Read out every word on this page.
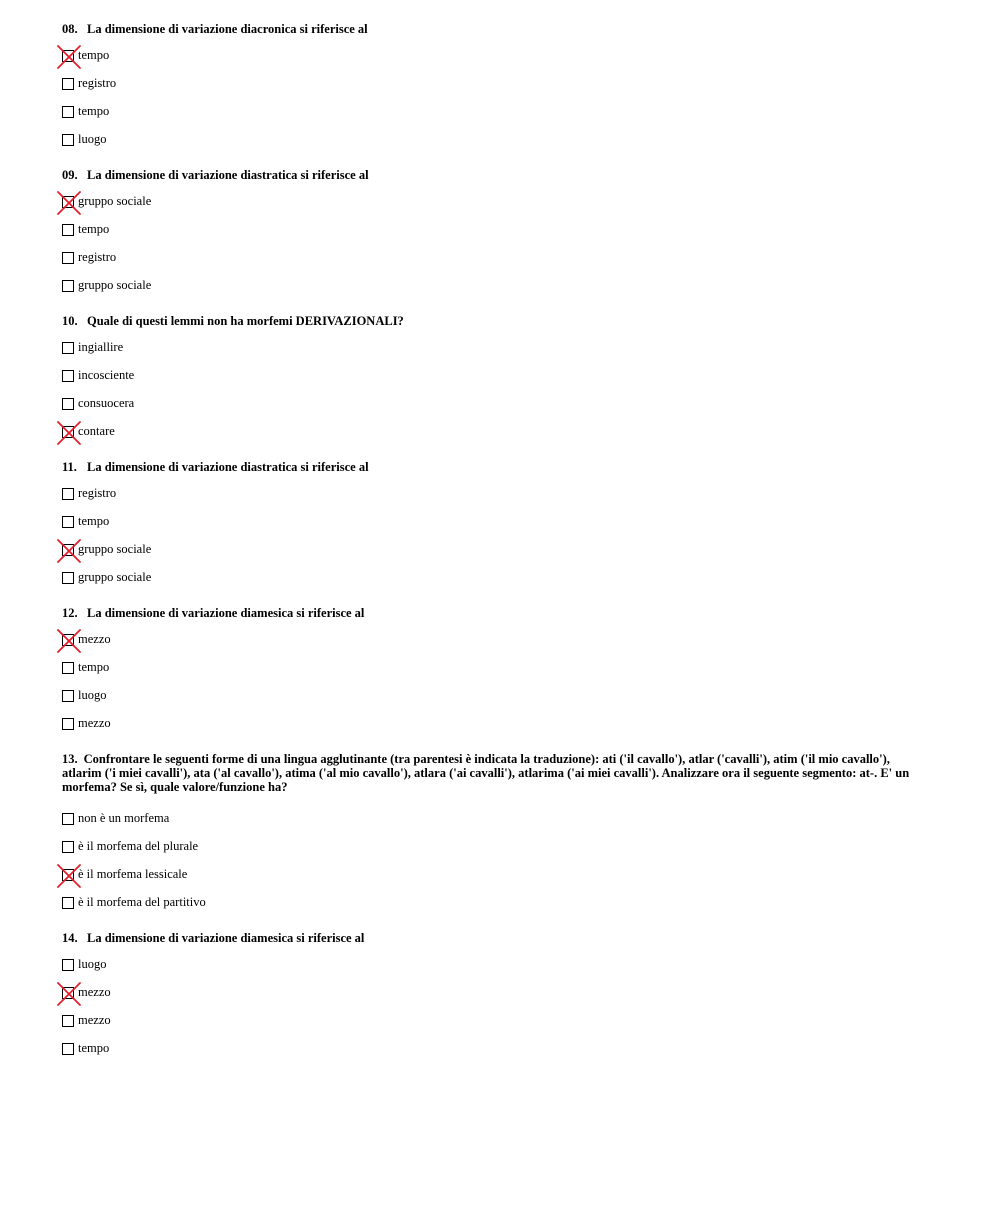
08. La dimensione di variazione diacronica si riferisce al
tempo
registro
tempo
luogo
09. La dimensione di variazione diastratica si riferisce al
gruppo sociale
tempo
registro
gruppo sociale
10. Quale di questi lemmi non ha morfemi DERIVAZIONALI?
ingiallire
incosciente
consuocera
contare
11. La dimensione di variazione diastratica si riferisce al
registro
tempo
gruppo sociale
gruppo sociale
12. La dimensione di variazione diamesica si riferisce al
mezzo
tempo
luogo
mezzo
13. Confrontare le seguenti forme di una lingua agglutinante (tra parentesi è indicata la traduzione): ati ('il cavallo'), atlar ('cavalli'), atim ('il mio cavallo'), atlarim ('i miei cavalli'), ata ('al cavallo'), atima ('al mio cavallo'), atlara ('ai cavalli'), atlarima ('ai miei cavalli'). Analizzare ora il seguente segmento: at-. E' un morfema? Se sì, quale valore/funzione ha?
non è un morfema
è il morfema del plurale
è il morfema lessicale
è il morfema del partitivo
14. La dimensione di variazione diamesica si riferisce al
luogo
mezzo
mezzo
tempo
